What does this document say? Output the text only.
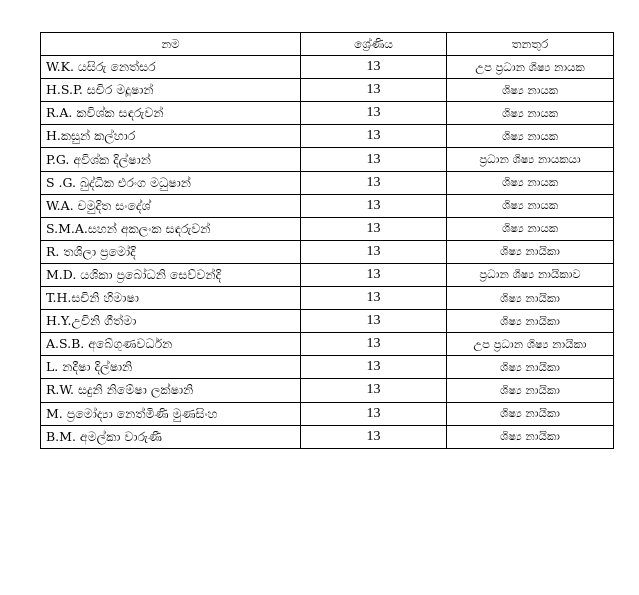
නම	ශ්‍රේණිය	තනතුර
W.K. යසිරු නෙත්සර	13	උප ප්‍රධාන ශිෂ්‍ය නායක
H.S.P. සචිර මදූෂාන්	13	ශිෂ්‍ය නායක
R.A. කවිශ්ක සඳරුවන්	13	ශිෂ්‍ය නායක
H.කසුන් කල්හාර	13	ශිෂ්‍ය නායක
P.G. අවිශ්ක දිල්ෂාන්	13	ප්‍රධාන ශිෂ්‍ය නායකයා
S .G. බුද්ධික එරංග මධුෂාන්	13	ශිෂ්‍ය නායක
W.A. චමුදිත සංදේශ්	13	ශිෂ්‍ය නායක
S.M.A.සහන් අකලංක සඳරුවන්	13	ශිෂ්‍ය නායක
R. තශිලා ප්‍රමෝදි	13	ශිෂ්‍ය නායිකා
M.D. යශිකා ප්‍රබෝධනි සෙව්වන්දි	13	ප්‍රධාන ශිෂ්‍ය නායිකාව
T.H.සචිනි හිමාෂා	13	ශිෂ්‍ය නායිකා
H.Y.උචිනි ගීත්මා	13	ශිෂ්‍ය නායිකා
A.S.B. අබේගුණවර්ධන	13	උප ප්‍රධාන ශිෂ්‍ය නායිකා
L. නදීෂා දිල්ෂානි	13	ශිෂ්‍ය නායිකා
R.W. සදුනි නිමේෂා ලක්ෂානි	13	ශිෂ්‍ය නායිකා
M. ප්‍රමෝද්‍යා නෙත්මිණි මුණසිංහ	13	ශිෂ්‍ය නායිකා
B.M. අමල්කා වාරුණී	13	ශිෂ්‍ය නායිකා
